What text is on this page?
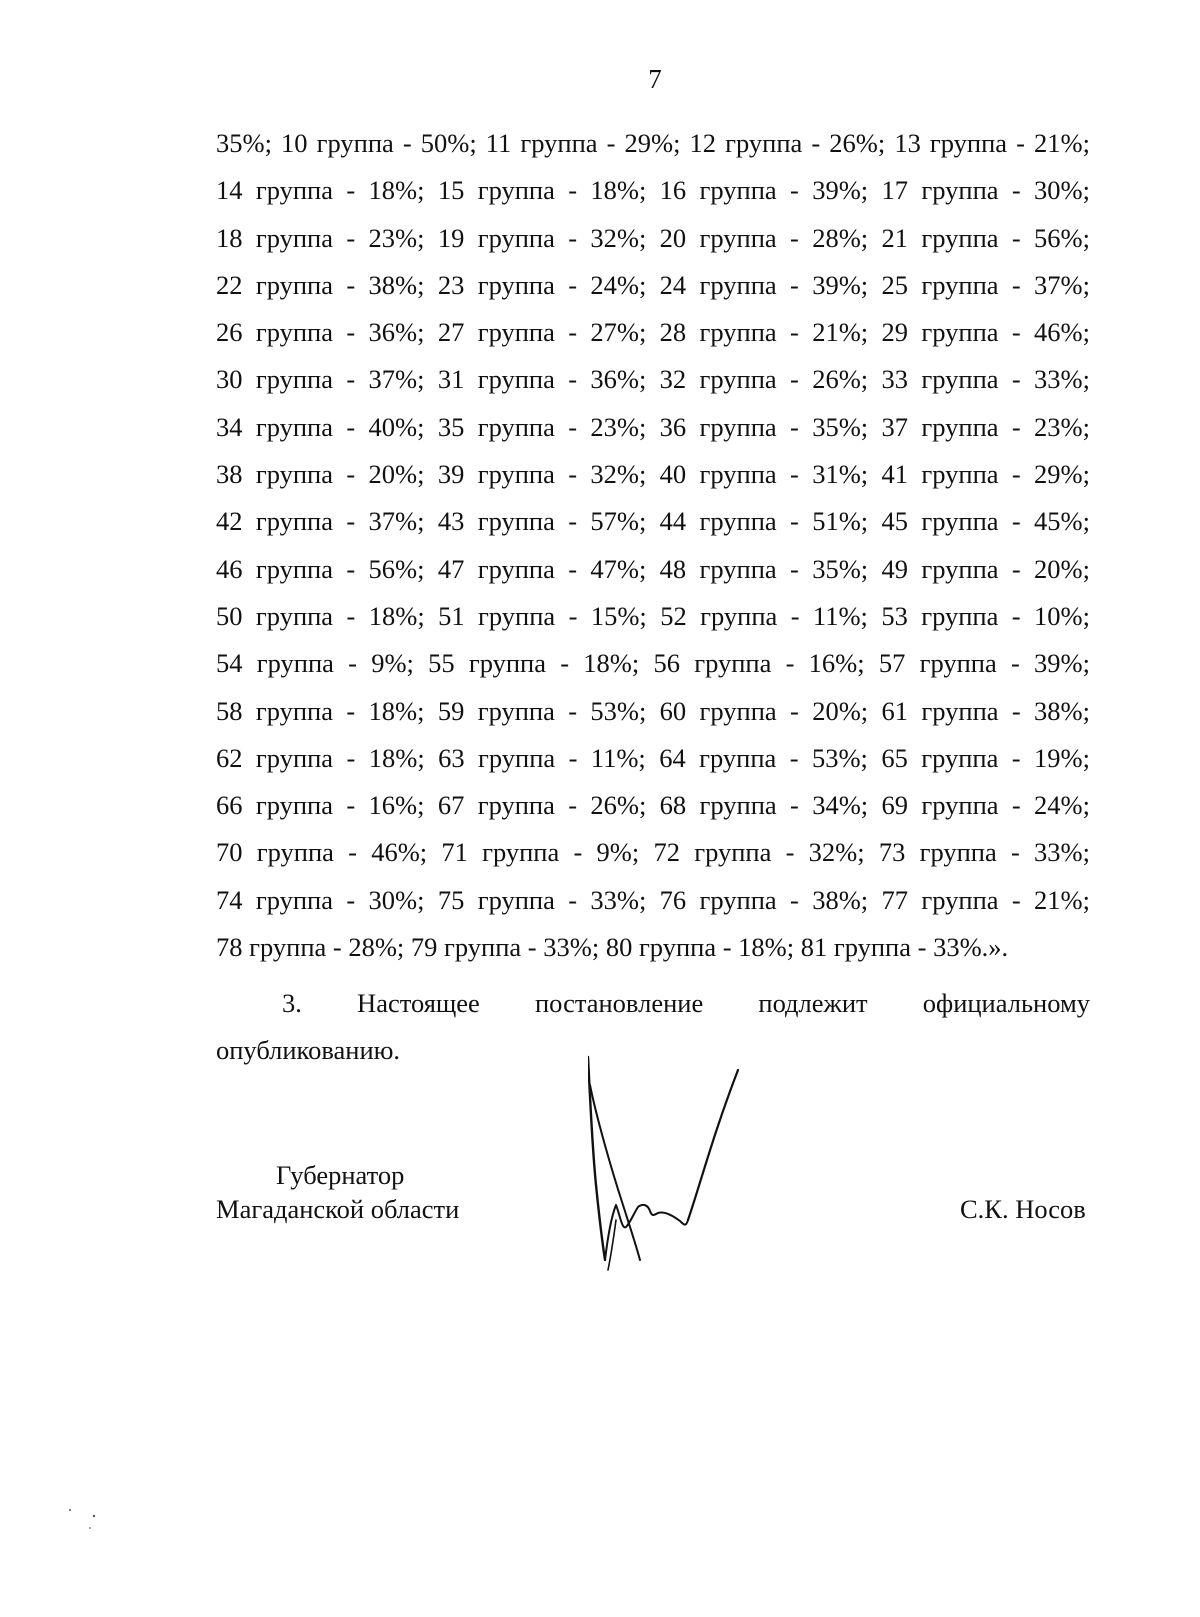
7
35%; 10 группа - 50%; 11 группа - 29%; 12 группа - 26%; 13 группа - 21%;
14 группа - 18%; 15 группа - 18%; 16 группа - 39%; 17 группа - 30%;
18 группа - 23%; 19 группа - 32%; 20 группа - 28%; 21 группа - 56%;
22 группа - 38%; 23 группа - 24%; 24 группа - 39%; 25 группа - 37%;
26 группа - 36%; 27 группа - 27%; 28 группа - 21%; 29 группа - 46%;
30 группа - 37%; 31 группа - 36%; 32 группа - 26%; 33 группа - 33%;
34 группа - 40%; 35 группа - 23%; 36 группа - 35%; 37 группа - 23%;
38 группа - 20%; 39 группа - 32%; 40 группа - 31%; 41 группа - 29%;
42 группа - 37%; 43 группа - 57%; 44 группа - 51%; 45 группа - 45%;
46 группа - 56%; 47 группа - 47%; 48 группа - 35%; 49 группа - 20%;
50 группа - 18%; 51 группа - 15%; 52 группа - 11%; 53 группа - 10%;
54 группа - 9%; 55 группа - 18%; 56 группа - 16%; 57 группа - 39%;
58 группа - 18%; 59 группа - 53%; 60 группа - 20%; 61 группа - 38%;
62 группа - 18%; 63 группа - 11%; 64 группа - 53%; 65 группа - 19%;
66 группа - 16%; 67 группа - 26%; 68 группа - 34%; 69 группа - 24%;
70 группа - 46%; 71 группа - 9%; 72 группа - 32%; 73 группа - 33%;
74 группа - 30%; 75 группа - 33%; 76 группа - 38%; 77 группа - 21%;
78 группа - 28%; 79 группа - 33%; 80 группа - 18%; 81 группа - 33%.».
3. Настоящее постановление подлежит официальному
опубликованию.
Губернатор
Магаданской области	С.К. Носов
